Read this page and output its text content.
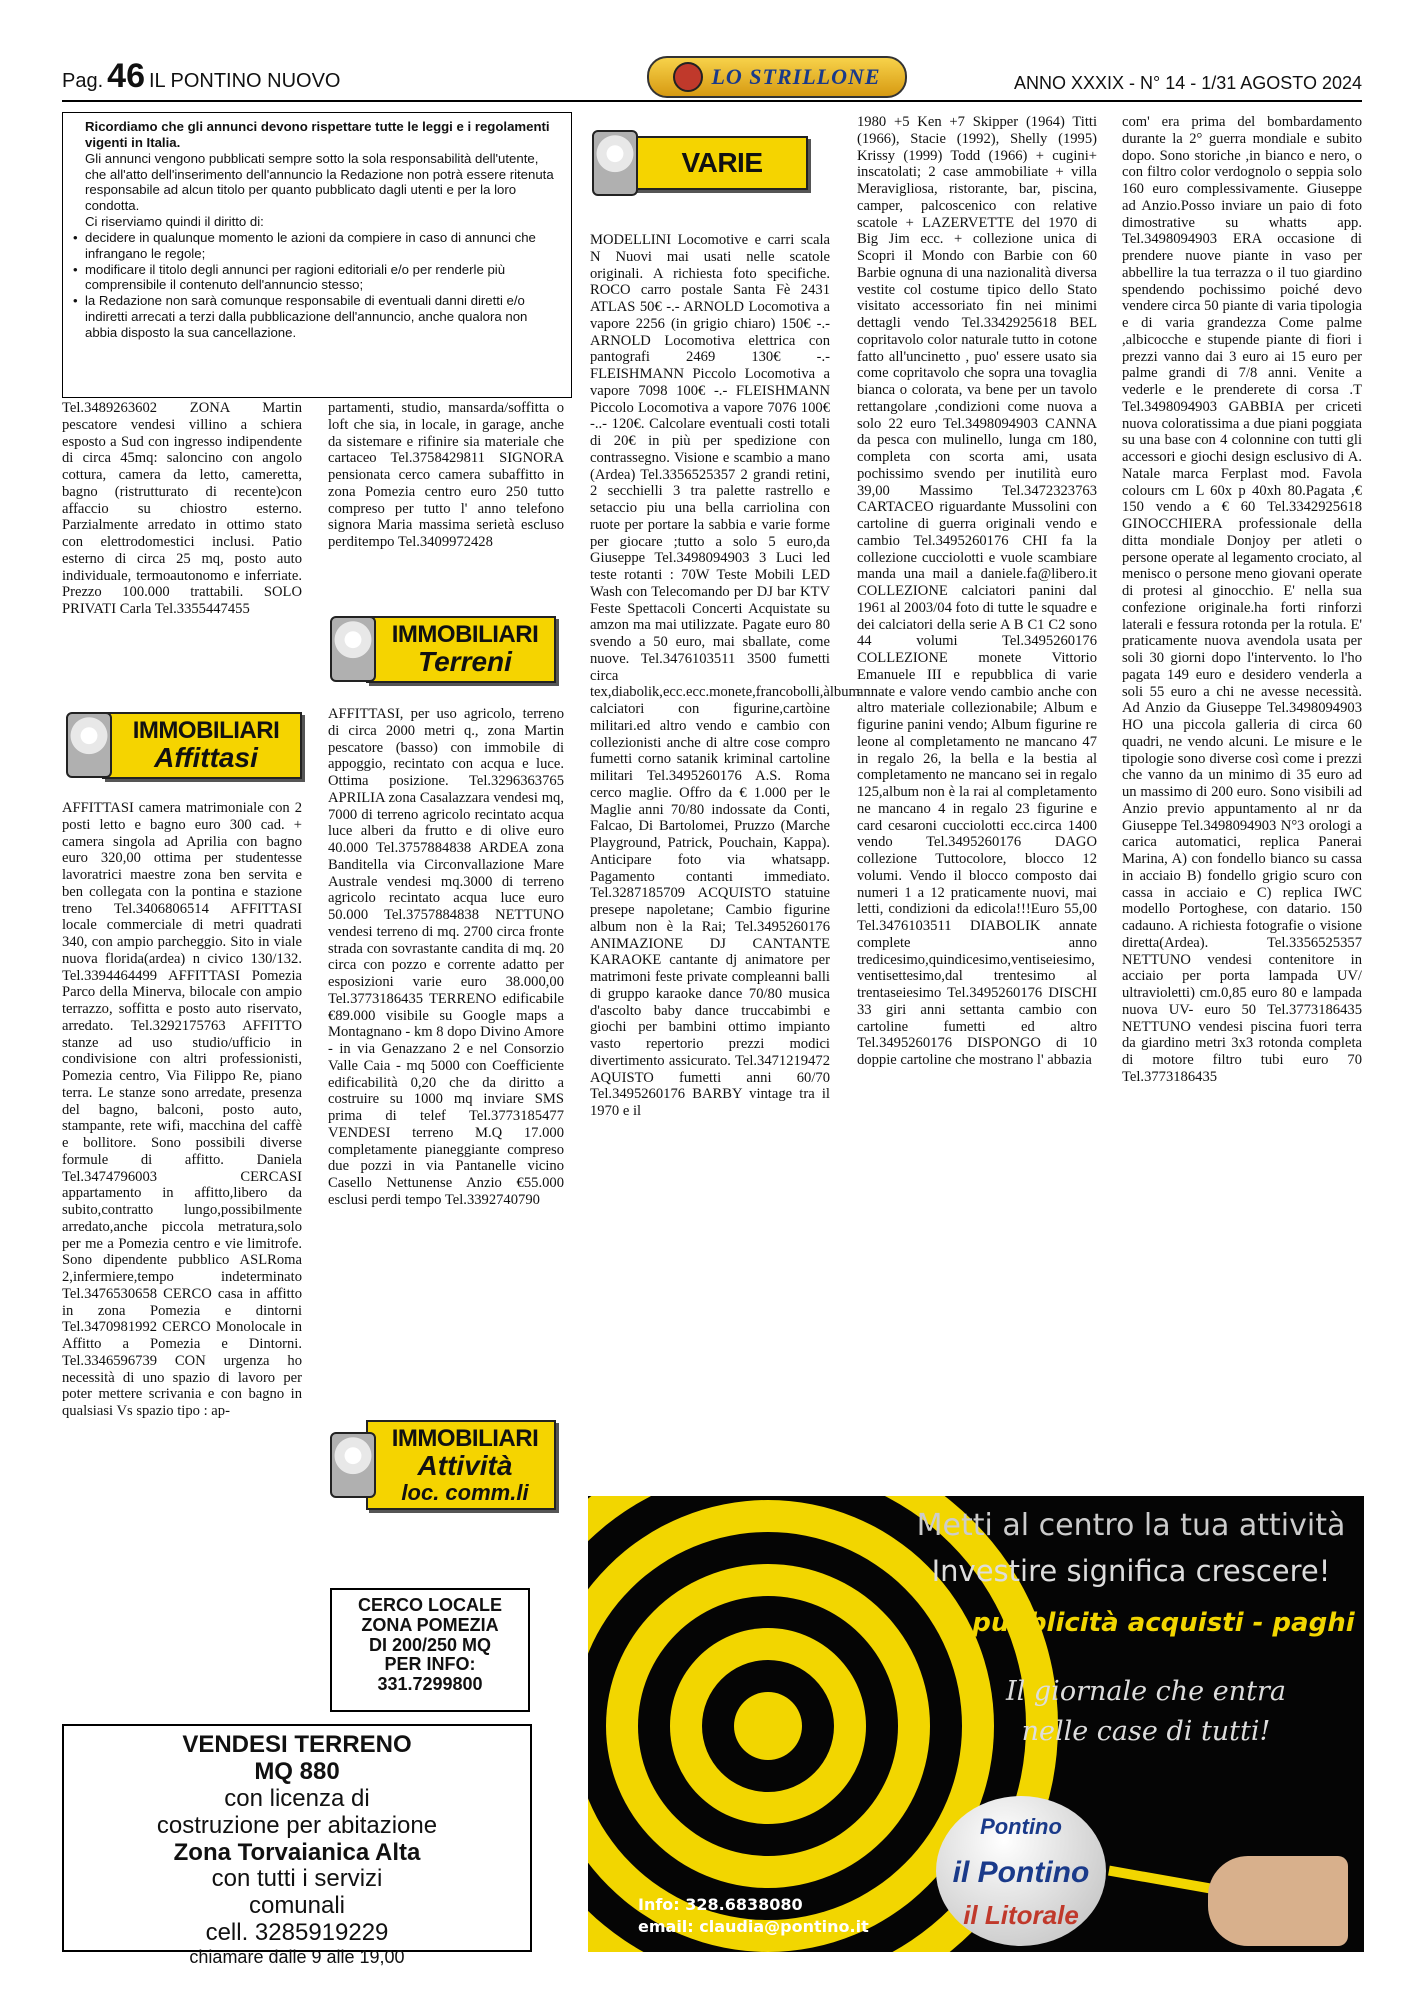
Pag. 46 IL PONTINO NUOVO	LO STRILLONE	ANNO XXXIX - N° 14 - 1/31 AGOSTO 2024
Ricordiamo che gli annunci devono rispettare tutte le leggi e i regolamenti vigenti in Italia.
Gli annunci vengono pubblicati sempre sotto la sola responsabilità dell'utente, che all'atto dell'inserimento dell'annuncio la Redazione non potrà essere ritenuta responsabile ad alcun titolo per quanto pubblicato dagli utenti e per la loro condotta.
Ci riserviamo quindi il diritto di:
• decidere in qualunque momento le azioni da compiere in caso di annunci che infrangano le regole;
• modificare il titolo degli annunci per ragioni editoriali e/o per renderle più comprensibile il contenuto dell'annuncio stesso;
• la Redazione non sarà comunque responsabile di eventuali danni diretti e/o indiretti arrecati a terzi dalla pubblicazione dell'annuncio, anche qualora non abbia disposto la sua cancellazione.

Tel.3489263602 ZONA Martin pescatore vendesi villino a schiera esposto a Sud con ingresso indipendente di circa 45mq: saloncino con angolo cottura, camera da letto, cameretta, bagno (ristrutturato di recente)con affaccio su chiostro esterno. Parzialmente arredato in ottimo stato con elettrodomestici inclusi. Patio esterno di circa 25 mq, posto auto individuale, termoautonomo e inferriate. Prezzo 100.000 trattabili. SOLO PRIVATI Carla Tel.3355447455

IMMOBILIARI
Affittasi

AFFITTASI camera matrimoniale con 2 posti letto e bagno euro 300 cad. + camera singola ad Aprilia con bagno euro 320,00 ottima per studentesse lavoratrici maestre zona ben servita e ben collegata con la pontina e stazione treno Tel.3406806514 AFFITTASI locale commerciale di metri quadrati 340, con ampio parcheggio. Sito in viale nuova florida(ardea) n civico 130/132. Tel.3394464499 AFFITTASI Pomezia Parco della Minerva, bilocale con ampio terrazzo, soffitta e posto auto riservato, arredato. Tel.3292175763 AFFITTO stanze ad uso studio/ufficio in condivisione con altri professionisti, Pomezia centro, Via Filippo Re, piano terra. Le stanze sono arredate, presenza del bagno, balconi, posto auto, stampante, rete wifi, macchina del caffè e bollitore. Sono possibili diverse formule di affitto. Daniela Tel.3474796003 CERCASI appartamento in affitto,libero da subito,contratto lungo,possibilmente arredato,anche piccola metratura,solo per me a Pomezia centro e vie limitrofe. Sono dipendente pubblico ASLRoma 2,infermiere,tempo indeterminato Tel.3476530658 CERCO casa in affitto in zona Pomezia e dintorni Tel.3470981992 CERCO Monolocale in Affitto a Pomezia e Dintorni. Tel.3346596739 CON urgenza ho necessità di uno spazio di lavoro per poter mettere scrivania e con bagno in qualsiasi Vs spazio tipo : ap-

partamenti, studio, mansarda/soffitta o loft che sia, in locale, in garage, anche da sistemare e rifinire sia materiale che cartaceo Tel.3758429811 SIGNORA pensionata cerco camera subaffitto in zona Pomezia centro euro 250 tutto compreso per tutto l' anno telefono signora Maria massima serietà escluso perditempo Tel.3409972428

IMMOBILIARI
Terreni

AFFITTASI, per uso agricolo, terreno di circa 2000 metri q., zona Martin pescatore (basso) con immobile di appoggio, recintato con acqua e luce. Ottima posizione. Tel.3296363765 APRILIA zona Casalazzara vendesi mq, 7000 di terreno agricolo recintato acqua luce alberi da frutto e di olive euro 40.000 Tel.3757884838 ARDEA zona Banditella via Circonvallazione Mare Australe vendesi mq.3000 di terreno agricolo recintato acqua luce euro 50.000 Tel.3757884838 NETTUNO vendesi terreno di mq. 2700 circa fronte strada con sovrastante candita di mq. 20 circa con pozzo e corrente adatto per esposizioni varie euro 38.000,00 Tel.3773186435 TERRENO edificabile €89.000 visibile su Google maps a Montagnano - km 8 dopo Divino Amore - in via Genazzano 2 e nel Consorzio Valle Caia - mq 5000 con Coefficiente edificabilità 0,20 che da diritto a costruire su 1000 mq inviare SMS prima di telef Tel.3773185477 VENDESI terreno M.Q 17.000 completamente pianeggiante compreso due pozzi in via Pantanelle vicino Casello Nettunense Anzio €55.000 esclusi perdi tempo Tel.3392740790

IMMOBILIARI
Attività
loc. comm.li
CERCO LOCALE
ZONA POMEZIA
DI 200/250 MQ
PER INFO:
331.7299800
VENDESI TERRENO
MQ 880
con licenza di
costruzione per abitazione
Zona Torvaianica Alta
con tutti i servizi
comunali
cell. 3285919229
chiamare dalle 9 alle 19,00
VARIE

MODELLINI Locomotive e carri scala N Nuovi mai usati nelle scatole originali. A richiesta foto specifiche. ROCO carro postale Santa Fè 2431 ATLAS 50€ -.- ARNOLD Locomotiva a vapore 2256 (in grigio chiaro) 150€ -.- ARNOLD Locomotiva elettrica con pantografi 2469 130€ -.- FLEISHMANN Piccolo Locomotiva a vapore 7098 100€ -.- FLEISHMANN Piccolo Locomotiva a vapore 7076 100€ -..- 120€. Calcolare eventuali costi totali di 20€ in più per spedizione con contrassegno. Visione e scambio a mano (Ardea) Tel.3356525357 2 grandi retini, 2 secchielli 3 tra palette rastrello e setaccio piu una bella carriolina con ruote per portare la sabbia e varie forme per giocare ;tutto a solo 5 euro,da Giuseppe Tel.3498094903 3 Luci led teste rotanti : 70W Teste Mobili LED Wash con Telecomando per DJ bar KTV Feste Spettacoli Concerti Acquistate su amzon ma mai utilizzate. Pagate euro 80 svendo a 50 euro, mai sballate, come nuove. Tel.3476103511 3500 fumetti circa tex,diabolik,ecc.ecc.monete,francobolli,àlbum calciatori con figurine,cartòine militari.ed altro vendo e cambio con collezionisti anche di altre cose compro fumetti corno satanik kriminal cartoline militari Tel.3495260176 A.S. Roma cerco maglie. Offro da € 1.000 per le Maglie anni 70/80 indossate da Conti, Falcao, Di Bartolomei, Pruzzo (Marche Playground, Patrick, Pouchain, Kappa). Anticipare foto via whatsapp. Pagamento contanti immediato. Tel.3287185709 ACQUISTO statuine presepe napoletane; Cambio figurine album non è la Rai; Tel.3495260176 ANIMAZIONE DJ CANTANTE KARAOKE cantante dj animatore per matrimoni feste private compleanni balli di gruppo karaoke dance 70/80 musica d'ascolto baby dance truccabimbi e giochi per bambini ottimo impianto vasto repertorio prezzi modici divertimento assicurato. Tel.3471219472 AQUISTO fumetti anni 60/70 Tel.3495260176 BARBY vintage tra il 1970 e il

1980 +5 Ken +7 Skipper (1964) Titti (1966), Stacie (1992), Shelly (1995) Krissy (1999) Todd (1966) + cugini+ inscatolati; 2 case ammobiliate + villa Meravigliosa, ristorante, bar, piscina, camper, palcoscenico con relative scatole + LAZERVETTE del 1970 di Big Jim ecc. + collezione unica di Scopri il Mondo con Barbie con 60 Barbie ognuna di una nazionalità diversa vestite col costume tipico dello Stato visitato accessoriato fin nei minimi dettagli vendo Tel.3342925618 BEL copritavolo color naturale tutto in cotone fatto all'uncinetto , puo' essere usato sia come copritavolo che sopra una tovaglia bianca o colorata, va bene per un tavolo rettangolare ,condizioni come nuova a solo 22 euro Tel.3498094903 CANNA da pesca con mulinello, lunga cm 180, completa con scorta ami, usata pochissimo svendo per inutilità euro 39,00 Massimo Tel.3472323763 CARTACEO riguardante Mussolini con cartoline di guerra originali vendo e cambio Tel.3495260176 CHI fa la collezione cucciolotti e vuole scambiare manda una mail a daniele.fa@libero.it COLLEZIONE calciatori panini dal 1961 al 2003/04 foto di tutte le squadre e dei calciatori della serie A B C1 C2 sono 44 volumi Tel.3495260176 COLLEZIONE monete Vittorio Emanuele III e repubblica di varie annate e valore vendo cambio anche con altro materiale collezionabile; Album e figurine panini vendo; Album figurine re leone al completamento ne mancano 47 in regalo 26, la bella e la bestia al completamento ne mancano sei in regalo 125,album non è la rai al completamento ne mancano 4 in regalo 23 figurine e card cesaroni cucciolotti ecc.circa 1400 vendo Tel.3495260176 DAGO collezione Tuttocolore, blocco 12 volumi. Vendo il blocco composto dai numeri 1 a 12 praticamente nuovi, mai letti, condizioni da edicola!!!Euro 55,00 Tel.3476103511 DIABOLIK annate complete anno tredicesimo,quindicesimo,ventiseiesimo, ventisettesimo,dal trentesimo al trentaseiesimo Tel.3495260176 DISCHI 33 giri anni settanta cambio con cartoline fumetti ed altro Tel.3495260176 DISPONGO di 10 doppie cartoline che mostrano l' abbazia

com' era prima del bombardamento durante la 2° guerra mondiale e subito dopo. Sono storiche ,in bianco e nero, o con filtro color verdognolo o seppia solo 160 euro complessivamente. Giuseppe ad Anzio.Posso inviare un paio di foto dimostrative su whatts app. Tel.3498094903 ERA occasione di prendere nuove piante in vaso per abbellire la tua terrazza o il tuo giardino spendendo pochissimo poiché devo vendere circa 50 piante di varia tipologia e di varia grandezza Come palme ,albicocche e stupende piante di fiori i prezzi vanno dai 3 euro ai 15 euro per palme grandi di 7/8 anni. Venite a vederle e le prenderete di corsa .T Tel.3498094903 GABBIA per criceti nuova coloratissima a due piani poggiata su una base con 4 colonnine con tutti gli accessori e giochi design esclusivo di A. Natale marca Ferplast mod. Favola colours cm L 60x p 40xh 80.Pagata ,€ 150 vendo a € 60 Tel.3342925618 GINOCCHIERA professionale della ditta mondiale Donjoy per atleti o persone operate al legamento crociato, al menisco o persone meno giovani operate di protesi al ginocchio. E' nella sua confezione originale.ha forti rinforzi laterali e fessura rotonda per la rotula. E' praticamente nuova avendola usata per soli 30 giorni dopo l'intervento. lo l'ho pagata 149 euro e desidero venderla a soli 55 euro a chi ne avesse necessità. Ad Anzio da Giuseppe Tel.3498094903 HO una piccola galleria di circa 60 quadri, ne vendo alcuni. Le misure e le tipologie sono diverse così come i prezzi che vanno da un minimo di 35 euro ad un massimo di 200 euro. Sono visibili ad Anzio previo appuntamento al nr da Giuseppe Tel.3498094903 N°3 orologi a carica automatici, replica Panerai Marina, A) con fondello bianco su cassa in acciaio B) fondello grigio scuro con cassa in acciaio e C) replica IWC modello Portoghese, con datario. 150 cadauno. A richiesta fotografie o visione diretta(Ardea). Tel.3356525357 NETTUNO vendesi contenitore in acciaio per porta lampada UV/ ultravioletti) cm.0,85 euro 80 e lampada nuova UV- euro 50 Tel.3773186435 NETTUNO vendesi piscina fuori terra da giardino metri 3x3 rotonda completa di motore filtro tubi euro 70 Tel.3773186435

Metti al centro la tua attività
Investire significa crescere!
+ pubblicità acquisti - paghi
Il giornale che entra
nelle case di tutti!
Pontino
il Pontino
il Litorale
Info: 328.6838080
email: claudia@pontino.it
